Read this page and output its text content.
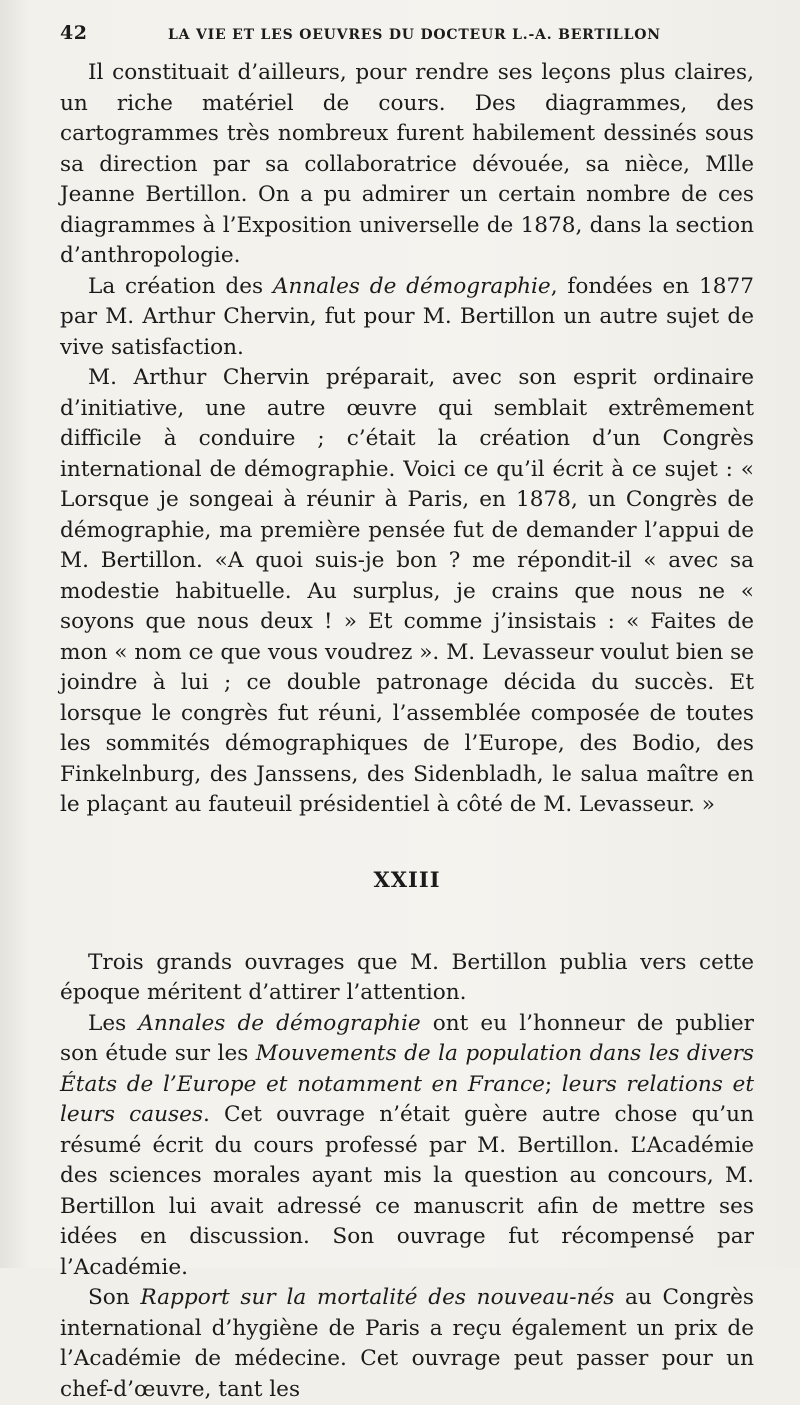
42	LA VIE ET LES OEUVRES DU DOCTEUR L.-A. BERTILLON

Il constituait d’ailleurs, pour rendre ses leçons plus claires, un riche matériel de cours. Des diagrammes, des cartogrammes très nombreux furent habilement dessinés sous sa direction par sa collaboratrice dévouée, sa nièce, Mlle Jeanne Bertillon. On a pu admirer un certain nombre de ces diagrammes à l’Exposition universelle de 1878, dans la section d’anthropologie.

La création des Annales de démographie, fondées en 1877 par M. Arthur Chervin, fut pour M. Bertillon un autre sujet de vive satisfaction.

M. Arthur Chervin préparait, avec son esprit ordinaire d’initiative, une autre œuvre qui semblait extrêmement difficile à conduire ; c’était la création d’un Congrès international de démographie. Voici ce qu’il écrit à ce sujet : « Lorsque je songeai à réunir à Paris, en 1878, un Congrès de démographie, ma première pensée fut de demander l’appui de M. Bertillon. «A quoi suis-je bon ? me répondit-il « avec sa modestie habituelle. Au surplus, je crains que nous ne « soyons que nous deux ! » Et comme j’insistais : « Faites de mon « nom ce que vous voudrez ». M. Levasseur voulut bien se joindre à lui ; ce double patronage décida du succès. Et lorsque le congrès fut réuni, l’assemblée composée de toutes les sommités démographiques de l’Europe, des Bodio, des Finkelnburg, des Janssens, des Sidenbladh, le salua maître en le plaçant au fauteuil présidentiel à côté de M. Levasseur. »

XXIII

Trois grands ouvrages que M. Bertillon publia vers cette époque méritent d’attirer l’attention.

Les Annales de démographie ont eu l’honneur de publier son étude sur les Mouvements de la population dans les divers États de l’Europe et notamment en France; leurs relations et leurs causes. Cet ouvrage n’était guère autre chose qu’un résumé écrit du cours professé par M. Bertillon. L’Académie des sciences morales ayant mis la question au concours, M. Bertillon lui avait adressé ce manuscrit afin de mettre ses idées en discussion. Son ouvrage fut récompensé par l’Académie.

Son Rapport sur la mortalité des nouveau-nés au Congrès international d’hygiène de Paris a reçu également un prix de l’Académie de médecine. Cet ouvrage peut passer pour un chef-d’œuvre, tant les
